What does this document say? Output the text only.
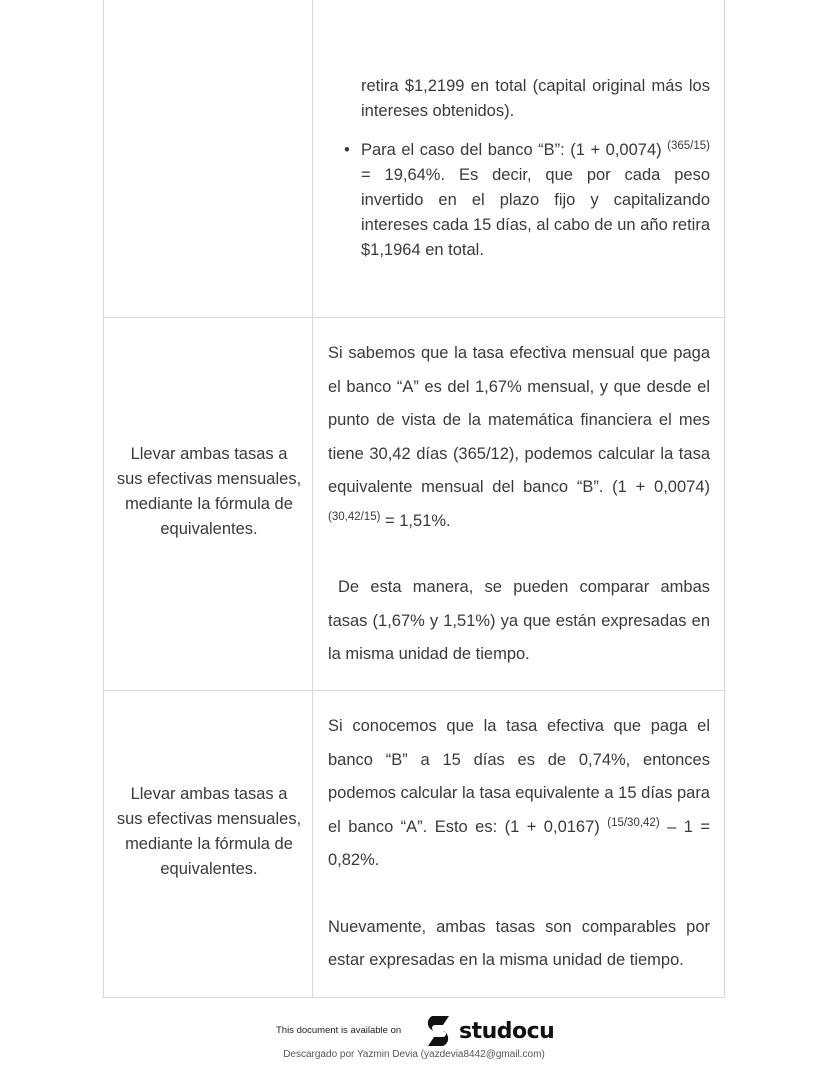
retira $1,2199 en total (capital original más los intereses obtenidos).
• Para el caso del banco “B”: (1 + 0,0074) $^{(365/15)}$ = 19,64%. Es decir, que por cada peso invertido en el plazo fijo y capitalizando intereses cada 15 días, al cabo de un año retira $1,1964 en total.
Llevar ambas tasas a sus efectivas mensuales, mediante la fórmula de equivalentes.

Si sabemos que la tasa efectiva mensual que paga el banco “A” es del 1,67% mensual, y que desde el punto de vista de la matemática financiera el mes tiene 30,42 días (365/12), podemos calcular la tasa equivalente mensual del banco “B”. (1 + 0,0074) $^{(30,42/15)}$ = 1,51%.

De esta manera, se pueden comparar ambas tasas (1,67% y 1,51%) ya que están expresadas en la misma unidad de tiempo.

Llevar ambas tasas a sus efectivas mensuales, mediante la fórmula de equivalentes.

Si conocemos que la tasa efectiva que paga el banco “B” a 15 días es de 0,74%, entonces podemos calcular la tasa equivalente a 15 días para el banco “A”. Esto es: (1 + 0,0167) $^{(15/30,42)}$ – 1 = 0,82%.

Nuevamente, ambas tasas son comparables por estar expresadas en la misma unidad de tiempo.

This document is available on	studocu
Descargado por Yazmin Devia (yazdevia8442@gmail.com)
